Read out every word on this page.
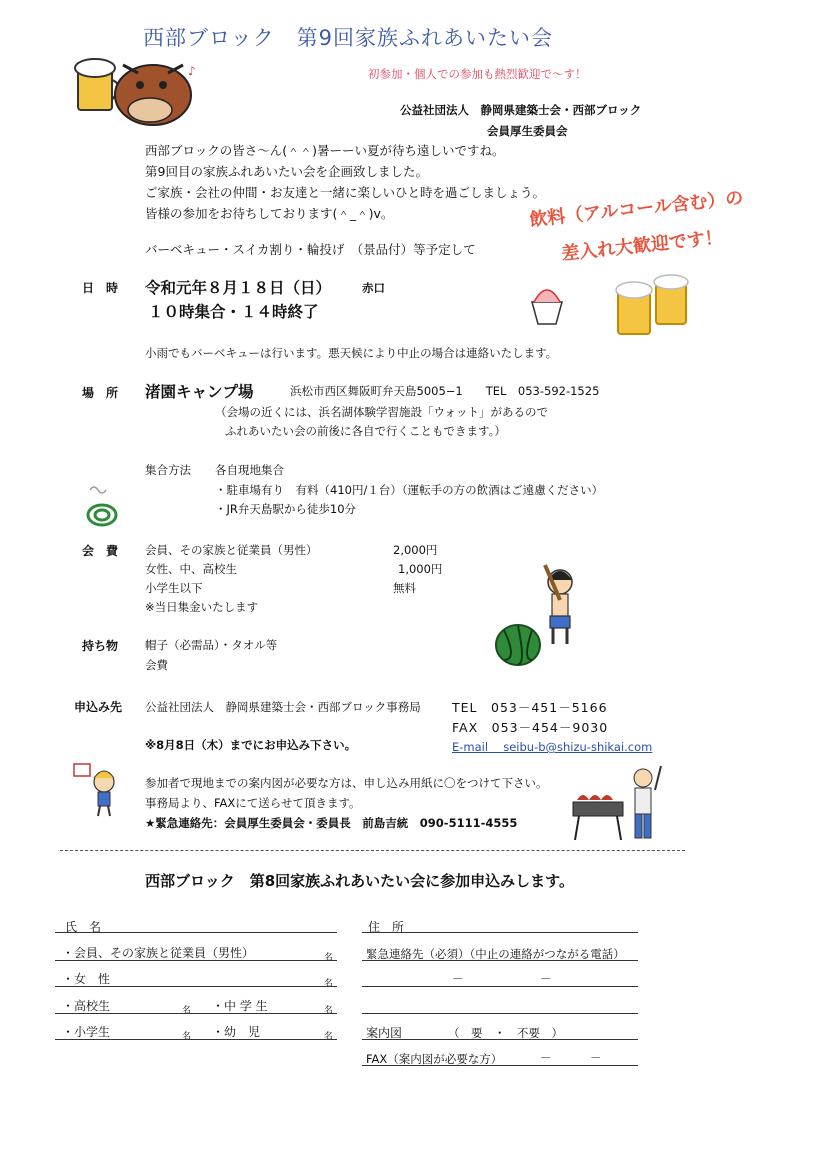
西部ブロック　第9回家族ふれあいたい会
♪	初参加・個人での参加も熱烈歓迎で～す！
公益社団法人　静岡県建築士会・西部ブロック
会員厚生委員会
西部ブロックの皆さ～ん(＾＾)暑ーーい夏が待ち遠しいですね。
第9回目の家族ふれあいたい会を企画致しました。
ご家族・会社の仲間・お友達と一緒に楽しいひと時を過ごしましょう。
皆様の参加をお待ちしております(＾_＾)v。
バーベキュー・スイカ割り・輪投げ　（景品付）等予定して
飲料（アルコール含む）の
差入れ大歓迎です！
日　時 令和元年８月１８日（日）	赤口
１０時集合・１４時終了
小雨でもバーベキューは行います。悪天候により中止の場合は連絡いたします。
場　所 渚園キャンプ場	浜松市西区舞阪町弁天島5005−1　　TEL　053-592-1525
（会場の近くには、浜名湖体験学習施設「ウォット」があるので
ふれあいたい会の前後に各自で行くこともできます。）
集合方法 各自現地集合
・駐車場有り　有料（410円/１台）（運転手の方の飲酒はご遠慮ください）
・JR弁天島駅から徒歩10分
会　費 会員、その家族と従業員（男性）	2,000円
女性、中、高校生	1,000円
小学生以下	無料
※当日集金いたします
持ち物 帽子（必需品）・タオル等
会費
申込み先 公益社団法人　静岡県建築士会・西部ブロック事務局 TEL　053－451－5166
FAX　053－454－9030
※8月8日（木）までにお申込み下さい。	E-mail　 seibu-b@shizu-shikai.com
参加者で現地までの案内図が必要な方は、申し込み用紙に〇をつけて下さい。
事務局より、FAXにて送らせて頂きます。
★緊急連絡先：会員厚生委員会・委員長　前島吉統　090-5111-4555
西部ブロック　第8回家族ふれあいたい会に参加申込みします。
氏　名
・会員、その家族と従業員（男性）	名
・女　性	名
・高校生	名 ・中 学 生	名
・小学生	名 ・幼　児	名
住　所
緊急連絡先（必須）（中止の連絡がつながる電話）
－	－
案内図	（　要　・　不要　）
FAX（案内図が必要な方）	－	－
